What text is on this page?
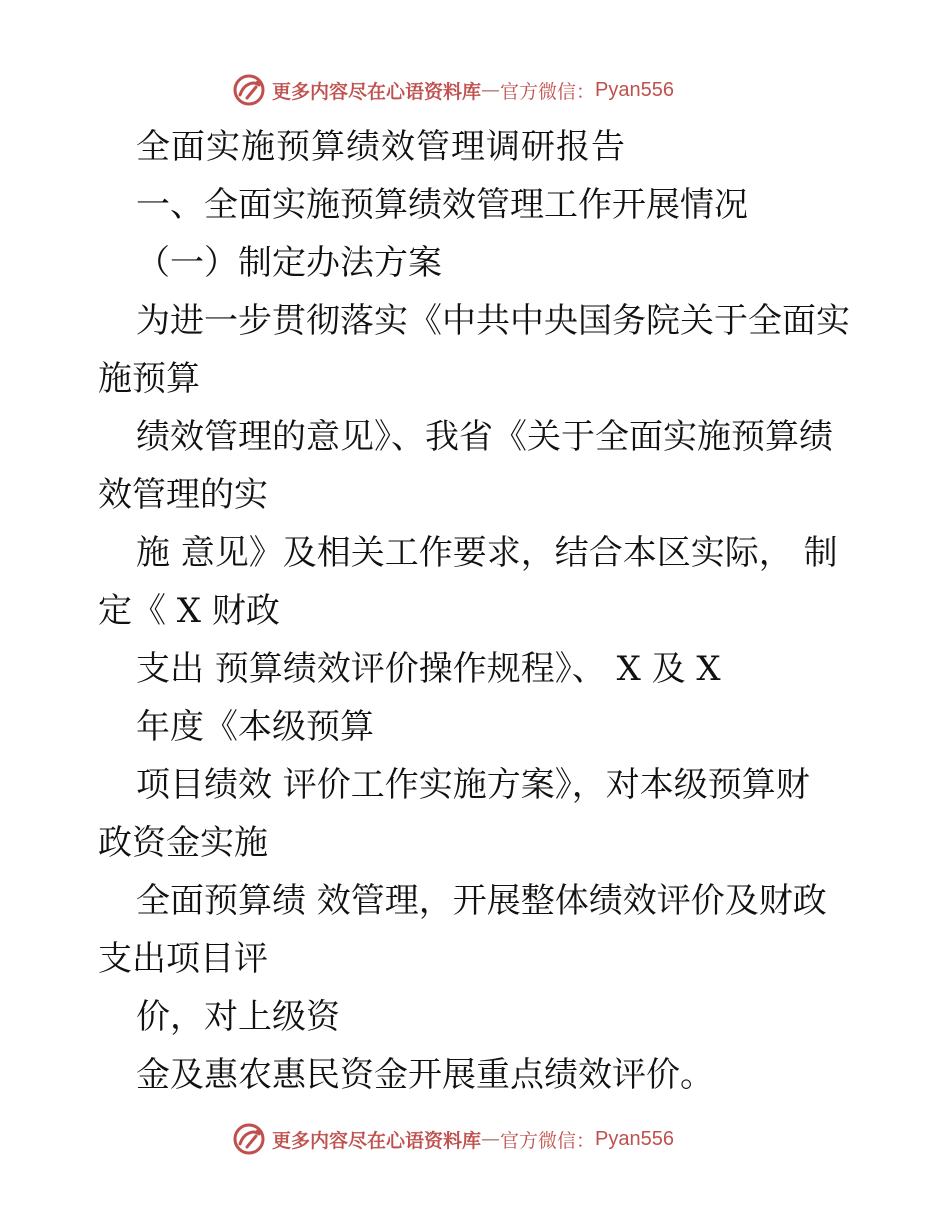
更多内容尽在心语资料库 — 官方微信： Pyan556
全面实施预算绩效管理调研报告
一、全面实施预算绩效管理工作开展情况
（一）制定办法方案
为进一步贯彻落实《中共中央国务院关于全面实
施预算
绩效管理的意见》、我省《关于全面实施预算绩
效管理的实
施 意见》及相关工作要求，结合本区实际， 制
定《 X 财政
支出 预算绩效评价操作规程》、 X 及 X
年度《本级预算
项目绩效 评价工作实施方案》，对本级预算财
政资金实施
全面预算绩 效管理，开展整体绩效评价及财政
支出项目评
价，对上级资
金及惠农惠民资金开展重点绩效评价。
更多内容尽在心语资料库 — 官方微信： Pyan556
